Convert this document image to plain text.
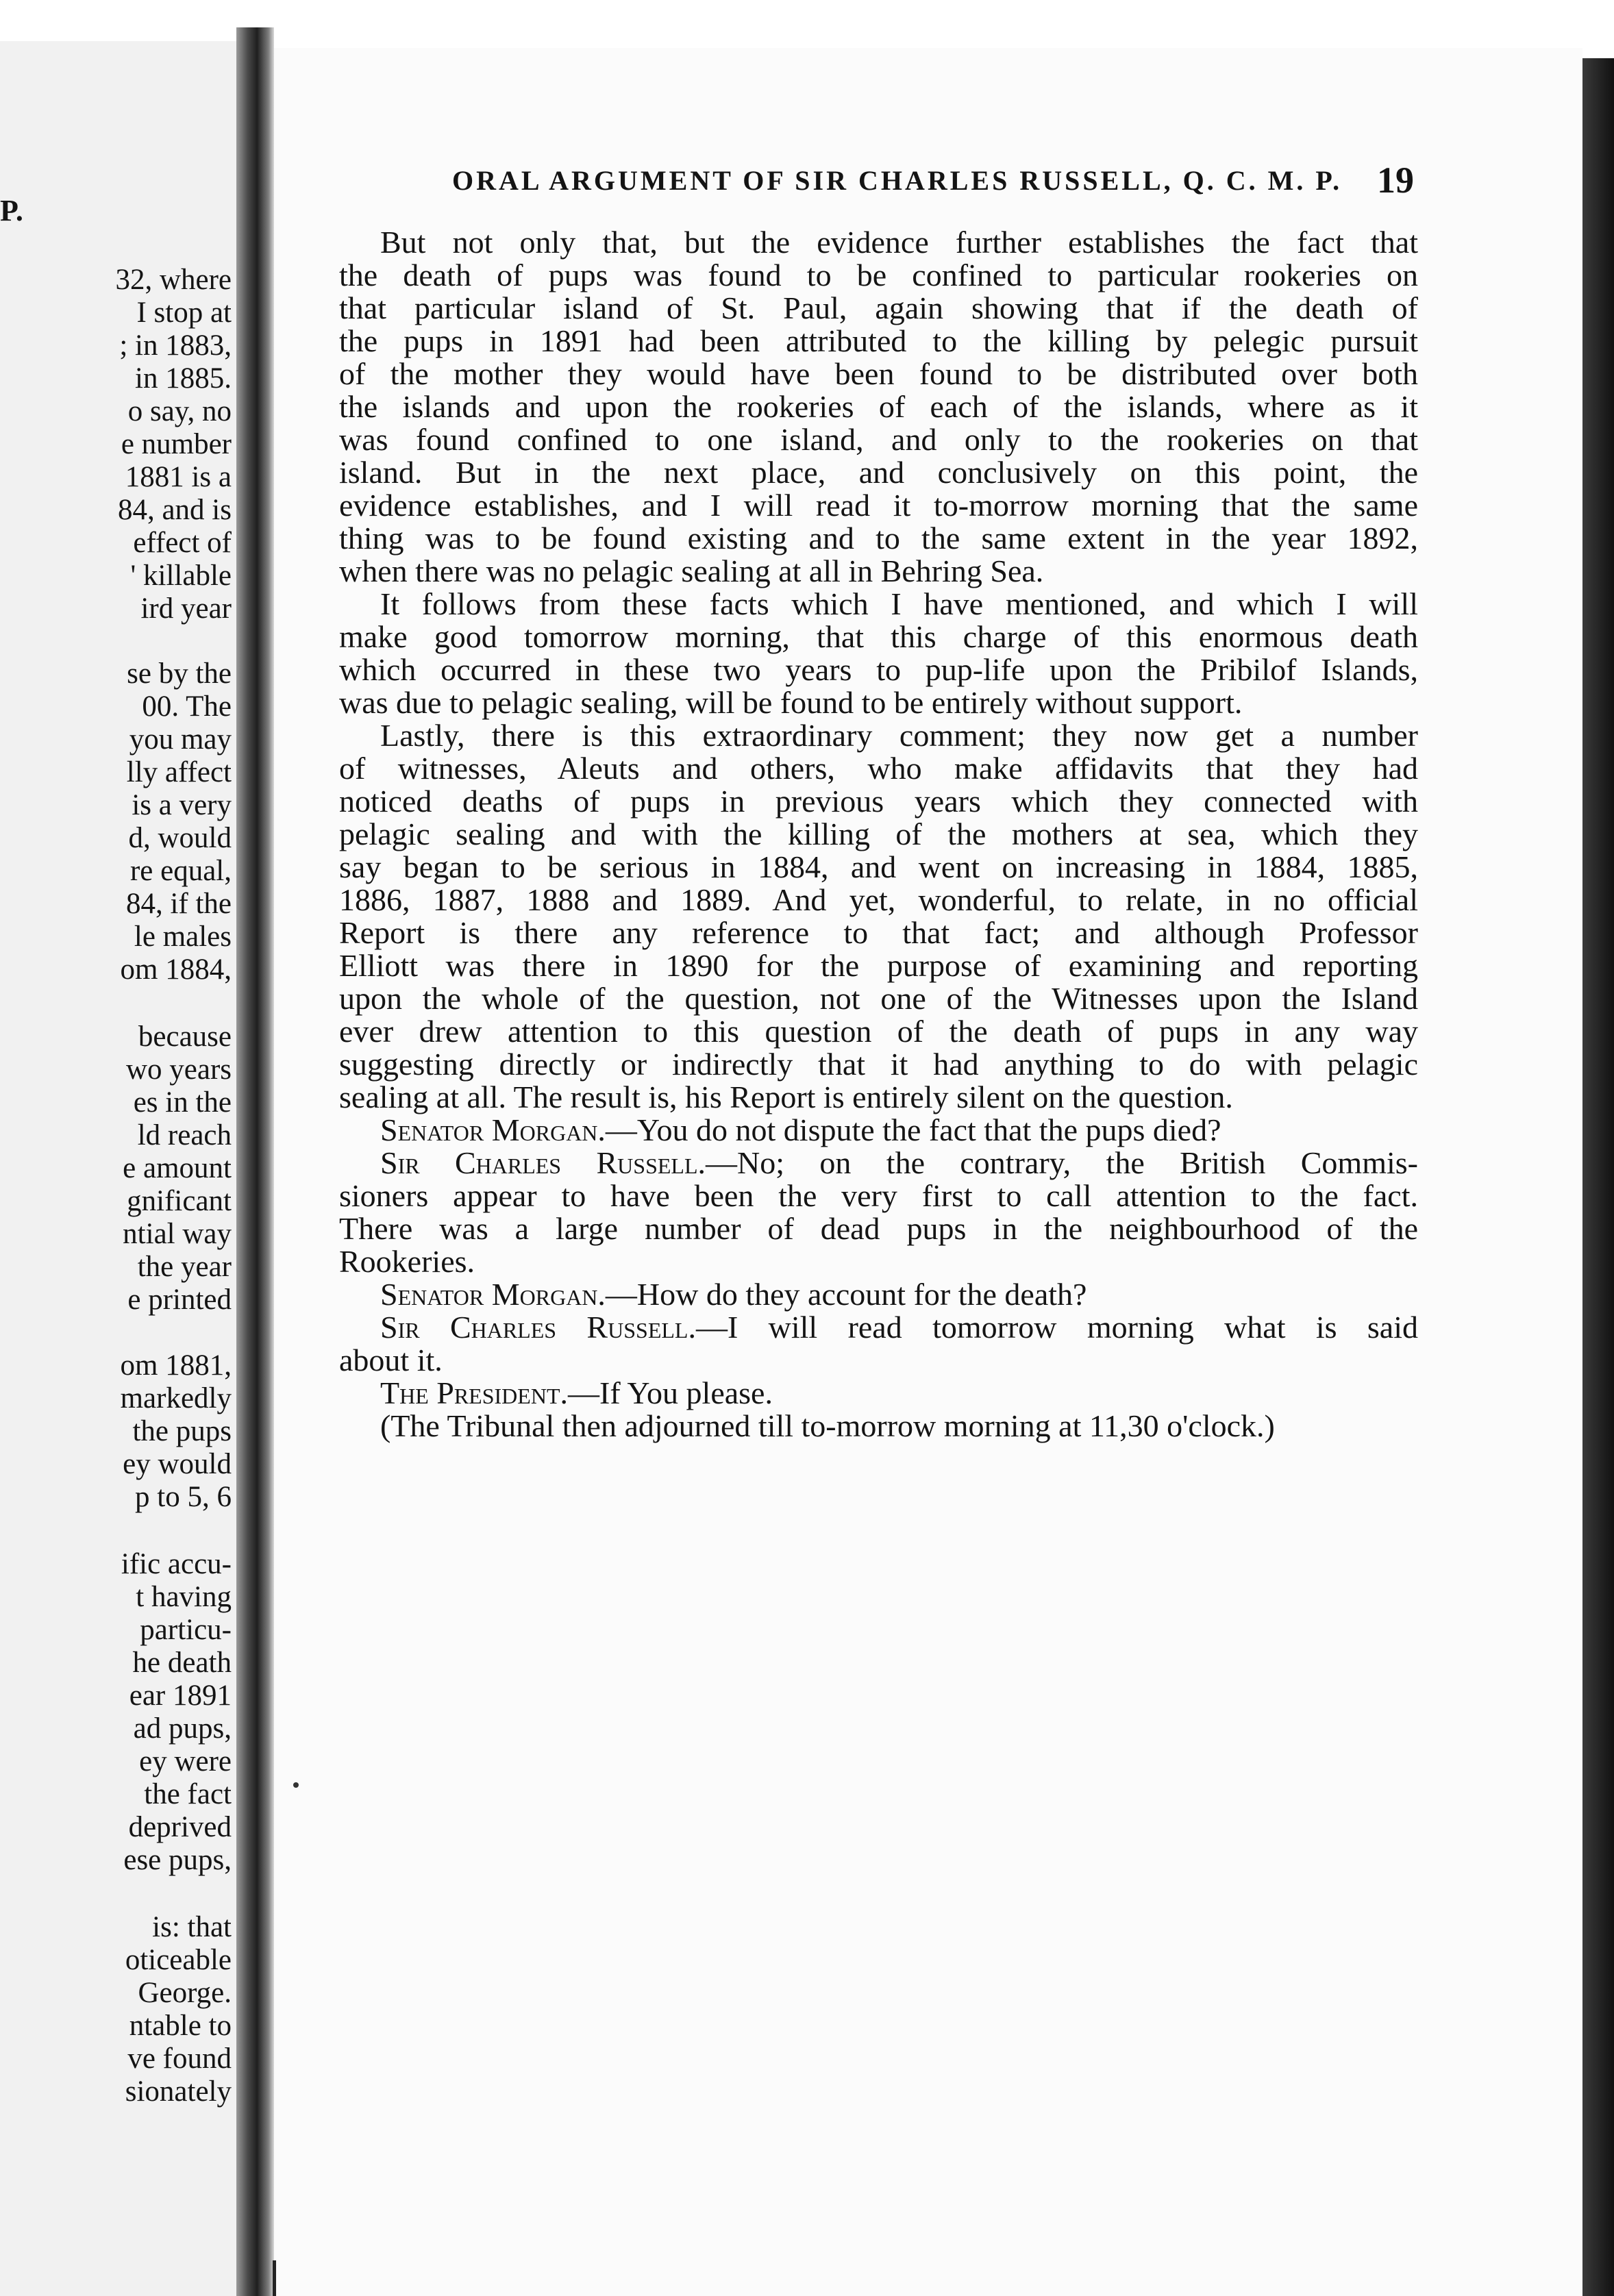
P.
32, where
I stop at
; in 1883,
in 1885.
o say, no
e number
1881 is a
84, and is
effect of
' killable
ird year
se by the
00. The
you may
lly affect
is a very
d, would
re equal,
84, if the
le males
om 1884,
because
wo years
es in the
ld reach
e amount
gnificant
ntial way
the year
e printed
om 1881,
markedly
the pups
ey would
p to 5, 6
ific accu-
t having
particu-
he death
ear 1891
ad pups,
ey were
the fact
deprived
ese pups,
is: that
oticeable
George.
ntable to
ve found
sionately
ORAL ARGUMENT OF SIR CHARLES RUSSELL, Q. C. M. P. 19

But not only that, but the evidence further establishes the fact that

the death of pups was found to be confined to particular rookeries on

that particular island of St. Paul, again showing that if the death of

the pups in 1891 had been attributed to the killing by pelegic pursuit

of the mother they would have been found to be distributed over both

the islands and upon the rookeries of each of the islands, where as it

was found confined to one island, and only to the rookeries on that

island. But in the next place, and conclusively on this point, the

evidence establishes, and I will read it to-morrow morning that the same

thing was to be found existing and to the same extent in the year 1892,

when there was no pelagic sealing at all in Behring Sea.

It follows from these facts which I have mentioned, and which I will

make good tomorrow morning, that this charge of this enormous death

which occurred in these two years to pup-life upon the Pribilof Islands,

was due to pelagic sealing, will be found to be entirely without support.

Lastly, there is this extraordinary comment; they now get a number

of witnesses, Aleuts and others, who make affidavits that they had

noticed deaths of pups in previous years which they connected with

pelagic sealing and with the killing of the mothers at sea, which they

say began to be serious in 1884, and went on increasing in 1884, 1885,

1886, 1887, 1888 and 1889. And yet, wonderful, to relate, in no official

Report is there any reference to that fact; and although Professor

Elliott was there in 1890 for the purpose of examining and reporting

upon the whole of the question, not one of the Witnesses upon the Island

ever drew attention to this question of the death of pups in any way

suggesting directly or indirectly that it had anything to do with pelagic

sealing at all. The result is, his Report is entirely silent on the question.

Senator Morgan.—You do not dispute the fact that the pups died?

Sir Charles Russell.—No; on the contrary, the British Commis-

sioners appear to have been the very first to call attention to the fact.

There was a large number of dead pups in the neighbourhood of the

Rookeries.

Senator Morgan.—How do they account for the death?

Sir Charles Russell.—I will read tomorrow morning what is said

about it.

The President.—If You please.

(The Tribunal then adjourned till to-morrow morning at 11,30 o'clock.)
